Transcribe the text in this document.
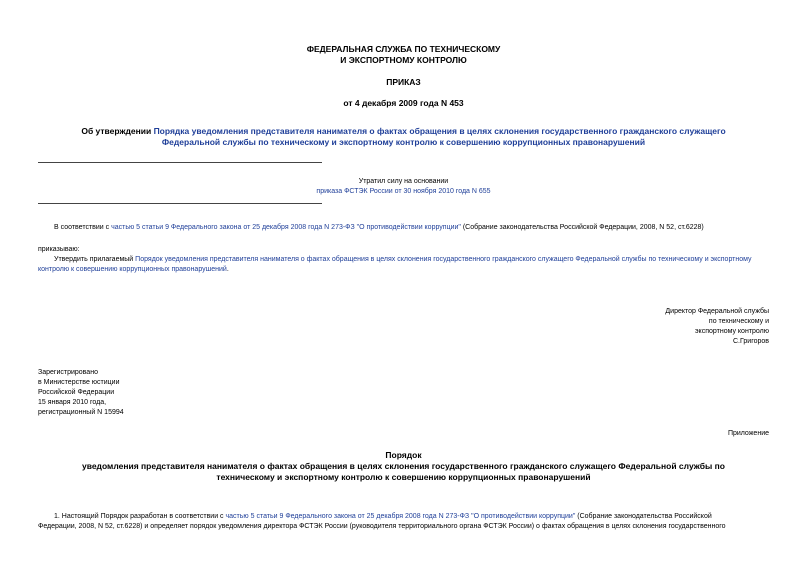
ФЕДЕРАЛЬНАЯ СЛУЖБА ПО ТЕХНИЧЕСКОМУ
И ЭКСПОРТНОМУ КОНТРОЛЮ
ПРИКАЗ
от 4 декабря 2009 года N 453
Об утверждении Порядка уведомления представителя нанимателя о фактах обращения в целях склонения государственного гражданского служащего
Федеральной службы по техническому и экспортному контролю к совершению коррупционных правонарушений
Утратил силу на основании
приказа ФСТЭК России от 30 ноября 2010 года N 655
В соответствии с частью 5 статьи 9 Федерального закона от 25 декабря 2008 года N 273-ФЗ "О противодействии коррупции" (Собрание законодательства Российской Федерации, 2008, N 52, ст.6228)
приказываю:
Утвердить прилагаемый Порядок уведомления представителя нанимателя о фактах обращения в целях склонения государственного гражданского служащего Федеральной службы по техническому и экспортному
контролю к совершению коррупционных правонарушений.
Директор Федеральной службы
по техническому и
экспортному контролю
С.Григоров
Зарегистрировано
в Министерстве юстиции
Российской Федерации
15 января 2010 года,
регистрационный N 15994
Приложение
Порядок
уведомления представителя нанимателя о фактах обращения в целях склонения государственного гражданского служащего Федеральной службы по
техническому и экспортному контролю к совершению коррупционных правонарушений
1. Настоящий Порядок разработан в соответствии с частью 5 статьи 9 Федерального закона от 25 декабря 2008 года N 273-ФЗ "О противодействии коррупции" (Собрание законодательства Российской
Федерации, 2008, N 52, ст.6228) и определяет порядок уведомления директора ФСТЭК России (руководителя территориального органа ФСТЭК России) о фактах обращения в целях склонения государственного
